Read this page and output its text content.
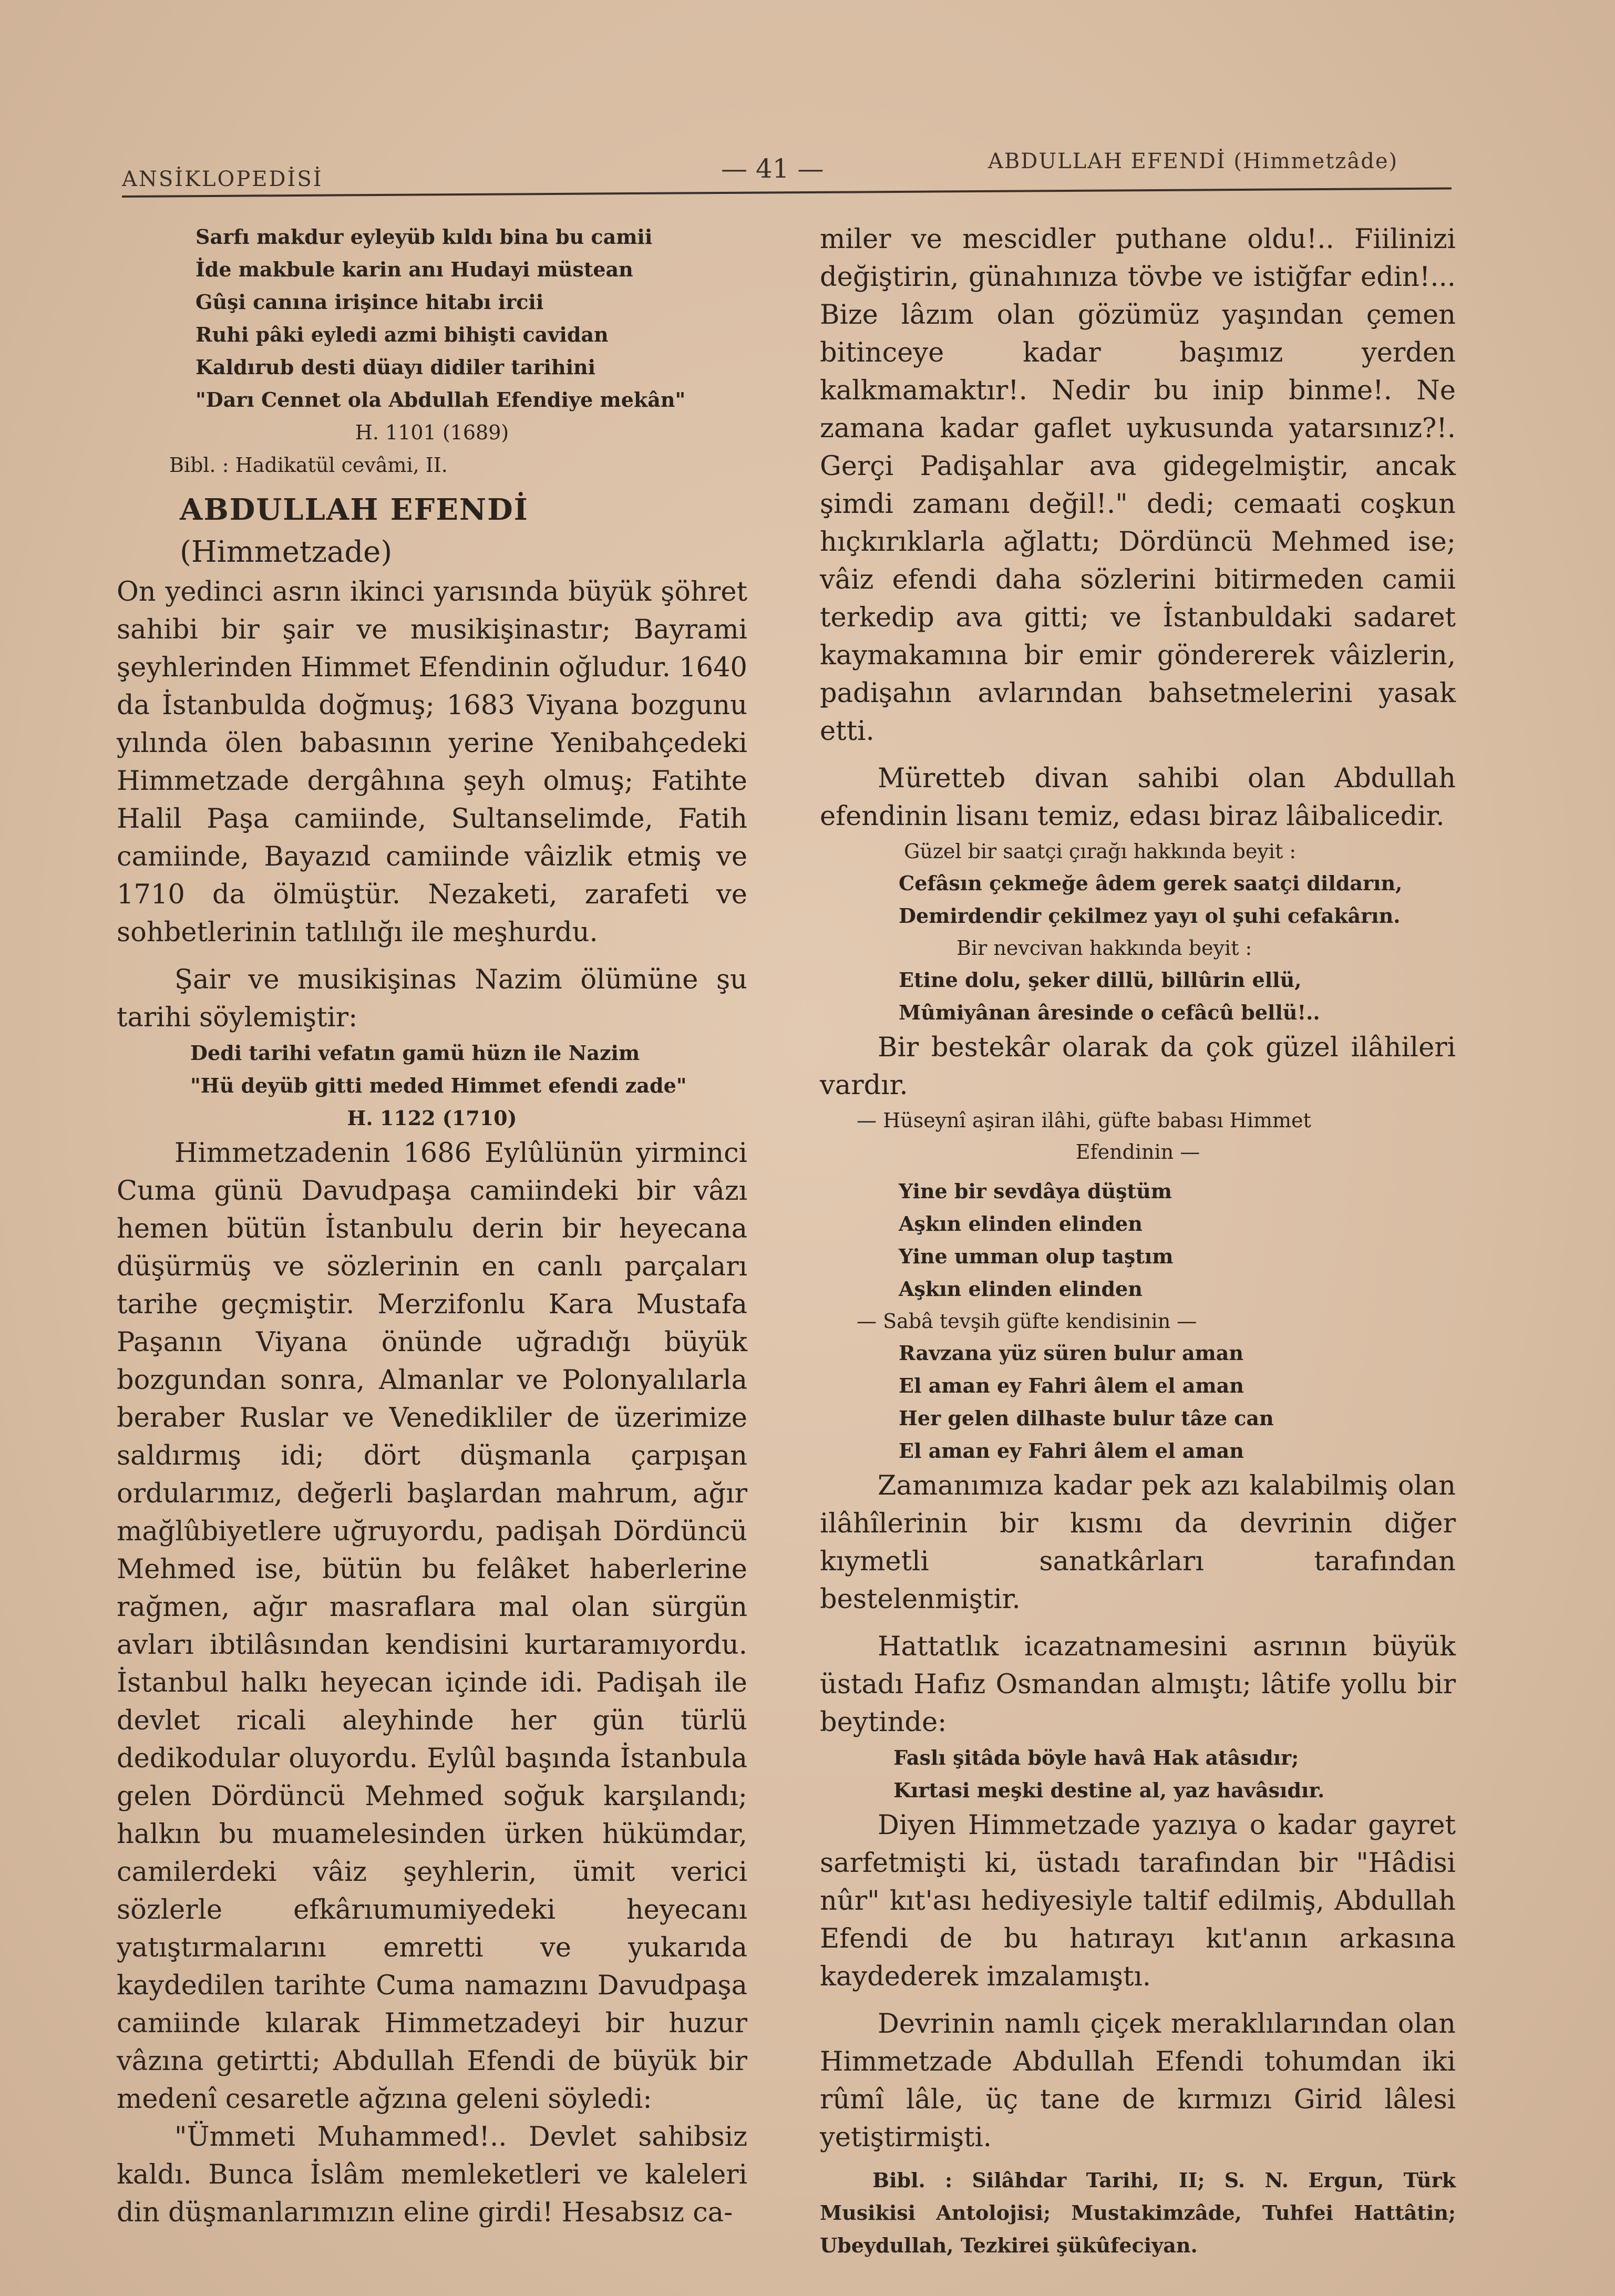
ANSİKLOPEDİSİ	— 41 —	ABDULLAH EFENDİ (Himmetzâde)

Sarfı makdur eyleyüb kıldı bina bu camii

İde makbule karin anı Hudayi müstean

Gûşi canına irişince hitabı ircii

Ruhi pâki eyledi azmi bihişti cavidan

Kaldırub desti düayı didiler tarihini

"Darı Cennet ola Abdullah Efendiye mekân"

H. 1101 (1689)

Bibl. : Hadikatül cevâmi, II.

ABDULLAH EFENDİ (Himmetzade)

On yedinci asrın ikinci yarısında büyük şöhret sahibi bir şair ve musikişinastır; Bayrami şeyhlerinden Himmet Efendinin oğludur. 1640 da İstanbulda doğmuş; 1683 Viyana bozgunu yılında ölen babasının yerine Yenibahçedeki Himmetzade dergâhına şeyh olmuş; Fatihte Halil Paşa camiinde, Sultanselimde, Fatih camiinde, Bayazıd camiinde vâizlik etmiş ve 1710 da ölmüştür. Nezaketi, zarafeti ve sohbetlerinin tatlılığı ile meşhurdu.

Şair ve musikişinas Nazim ölümüne şu tarihi söylemiştir:

Dedi tarihi vefatın gamü hüzn ile Nazim

"Hü deyüb gitti meded Himmet efendi zade"

H. 1122 (1710)

Himmetzadenin 1686 Eylûlünün yirminci Cuma günü Davudpaşa camiindeki bir vâzı hemen bütün İstanbulu derin bir heyecana düşürmüş ve sözlerinin en canlı parçaları tarihe geçmiştir. Merzifonlu Kara Mustafa Paşanın Viyana önünde uğradığı büyük bozgundan sonra, Almanlar ve Polonyalılarla beraber Ruslar ve Venedikliler de üzerimize saldırmış idi; dört düşmanla çarpışan ordularımız, değerli başlardan mahrum, ağır mağlûbiyetlere uğruyordu, padişah Dördüncü Mehmed ise, bütün bu felâket haberlerine rağmen, ağır masraflara mal olan sürgün avları ibtilâsından kendisini kurtaramıyordu. İstanbul halkı heyecan içinde idi. Padişah ile devlet ricali aleyhinde her gün türlü dedikodular oluyordu. Eylûl başında İstanbula gelen Dördüncü Mehmed soğuk karşılandı; halkın bu muamelesinden ürken hükümdar, camilerdeki vâiz şeyhlerin, ümit verici sözlerle efkârıumumiyedeki heyecanı yatıştırmalarını emretti ve yukarıda kaydedilen tarihte Cuma namazını Davudpaşa camiinde kılarak Himmetzadeyi bir huzur vâzına getirtti; Abdullah Efendi de büyük bir medenî cesaretle ağzına geleni söyledi:

"Ümmeti Muhammed!.. Devlet sahibsiz kaldı. Bunca İslâm memleketleri ve kaleleri din düşmanlarımızın eline girdi! Hesabsız ca-

miler ve mescidler puthane oldu!.. Fiilinizi değiştirin, günahınıza tövbe ve istiğfar edin!... Bize lâzım olan gözümüz yaşından çemen bitinceye kadar başımız yerden kalkmamaktır!. Nedir bu inip binme!. Ne zamana kadar gaflet uykusunda yatarsınız?!. Gerçi Padişahlar ava gidegelmiştir, ancak şimdi zamanı değil!." dedi; cemaati coşkun hıçkırıklarla ağlattı; Dördüncü Mehmed ise; vâiz efendi daha sözlerini bitirmeden camii terkedip ava gitti; ve İstanbuldaki sadaret kaymakamına bir emir göndererek vâizlerin, padişahın avlarından bahsetmelerini yasak etti.

Müretteb divan sahibi olan Abdullah efendinin lisanı temiz, edası biraz lâibalicedir.

Güzel bir saatçi çırağı hakkında beyit :

Cefâsın çekmeğe âdem gerek saatçi dildarın,

Demirdendir çekilmez yayı ol şuhi cefakârın.

Bir nevcivan hakkında beyit :

Etine dolu, şeker dillü, billûrin ellü,

Mûmiyânan âresinde o cefâcû bellü!..

Bir bestekâr olarak da çok güzel ilâhileri vardır.

— Hüseynî aşiran ilâhi, güfte babası Himmet

Efendinin —

Yine bir sevdâya düştüm

Aşkın elinden elinden

Yine umman olup taştım

Aşkın elinden elinden

— Sabâ tevşih güfte kendisinin —

Ravzana yüz süren bulur aman

El aman ey Fahri âlem el aman

Her gelen dilhaste bulur tâze can

El aman ey Fahri âlem el aman

Zamanımıza kadar pek azı kalabilmiş olan ilâhîlerinin bir kısmı da devrinin diğer kıymetli sanatkârları tarafından bestelenmiştir.

Hattatlık icazatnamesini asrının büyük üstadı Hafız Osmandan almıştı; lâtife yollu bir beytinde:

Faslı şitâda böyle havâ Hak atâsıdır;

Kırtasi meşki destine al, yaz havâsıdır.

Diyen Himmetzade yazıya o kadar gayret sarfetmişti ki, üstadı tarafından bir "Hâdisi nûr" kıt'ası hediyesiyle taltif edilmiş, Abdullah Efendi de bu hatırayı kıt'anın arkasına kaydederek imzalamıştı.

Devrinin namlı çiçek meraklılarından olan Himmetzade Abdullah Efendi tohumdan iki rûmî lâle, üç tane de kırmızı Girid lâlesi yetiştirmişti.

Bibl. : Silâhdar Tarihi, II; S. N. Ergun, Türk Musikisi Antolojisi; Mustakimzâde, Tuhfei Hattâtin; Ubeydullah, Tezkirei şükûfeciyan.
